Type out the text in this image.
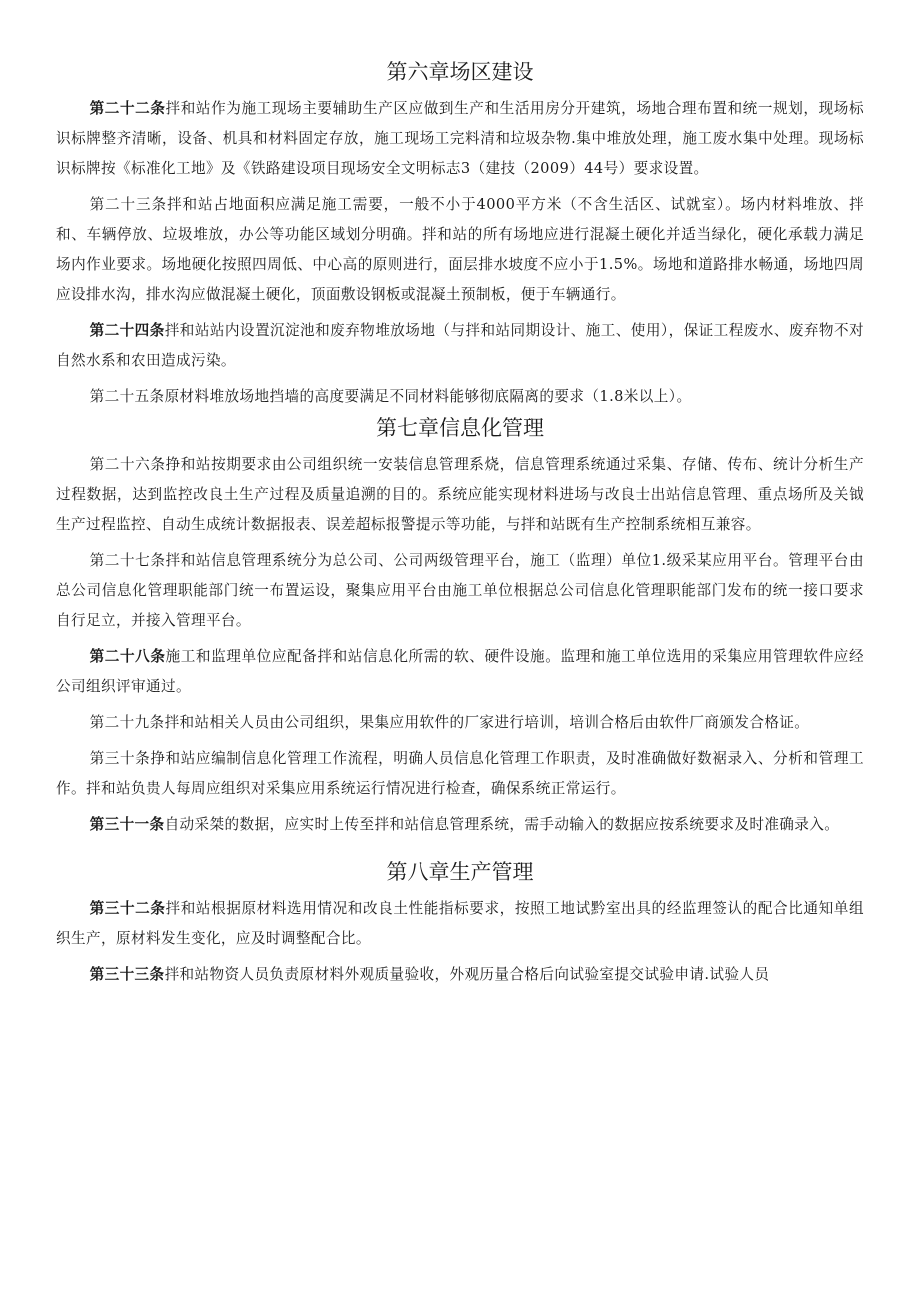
第六章场区建设

第二十二条拌和站作为施工现场主要辅助生产区应做到生产和生活用房分开建筑，场地合理布置和统一规划，现场标识标牌整齐清晰，设备、机具和材料固定存放，施工现场工完料清和垃圾杂物.集中堆放处理，施工废水集中处理。现场标识标牌按《标准化工地》及《铁路建设项目现场安全文明标志3（建技（2009）44号）要求设置。

第二十三条拌和站占地面积应满足施工需要，一般不小于4000平方米（不含生活区、试就室）。场内材料堆放、拌和、车辆停放、垃圾堆放，办公等功能区域划分明确。拌和站的所有场地应进行混凝土硬化并适当绿化，硬化承载力满足场内作业要求。场地硬化按照四周低、中心高的原则进行，面层排水坡度不应小于1.5%。场地和道路排水畅通，场地四周应设排水沟，排水沟应做混凝土硬化，顶面敷设钢板或混凝土预制板，便于车辆通行。

第二十四条拌和站站内设置沉淀池和废弃物堆放场地（与拌和站同期设计、施工、使用），保证工程废水、废弃物不对自然水系和农田造成污染。

第二十五条原材料堆放场地挡墙的高度要满足不同材料能够彻底隔离的要求（1.8米以上）。

第七章信息化管理

第二十六条挣和站按期要求由公司组织统一安装信息管理系烧，信息管理系统通过采集、存储、传布、统计分析生产过程数据，达到监控改良土生产过程及质量追溯的目的。系统应能实现材料进场与改良士出站信息管理、重点场所及关钺生产过程监控、自动生成统计数据报表、误差超标报警提示等功能，与拌和站既有生产控制系统相互兼容。

第二十七条拌和站信息管理系统分为总公司、公司两级管理平台，施工（监理）单位1.级采某应用平台。管理平台由总公司信息化管理职能部门统一布置运设，聚集应用平台由施工单位根据总公司信息化管理职能部门发布的统一接口要求自行足立，并接入管理平台。

第二十八条施工和监理单位应配备拌和站信息化所需的软、硬件设施。监理和施工单位选用的采集应用管理软件应经公司组织评审通过。

第二十九条拌和站相关人员由公司组织，果集应用软件的厂家进行培训，培训合格后由软件厂商颁发合格证。

第三十条挣和站应编制信息化管理工作流程，明确人员信息化管理工作职责，及时准确做好数裾录入、分析和管理工作。拌和站负贵人每周应组织对采集应用系统运行情况进行检查，确保系统正常运行。

第三十一条自动采桀的数据，应实时上传至拌和站信息管理系统，需手动输入的数据应按系统要求及时准确录入。

第八章生产管理

第三十二条拌和站根据原材料选用情况和改良土性能指标要求，按照工地试黔室出具的经监理签认的配合比通知单组织生产，原材料发生变化，应及时调整配合比。

第三十三条拌和站物资人员负责原材料外观质量验收，外观历量合格后向试验室提交试验申请.试验人员
